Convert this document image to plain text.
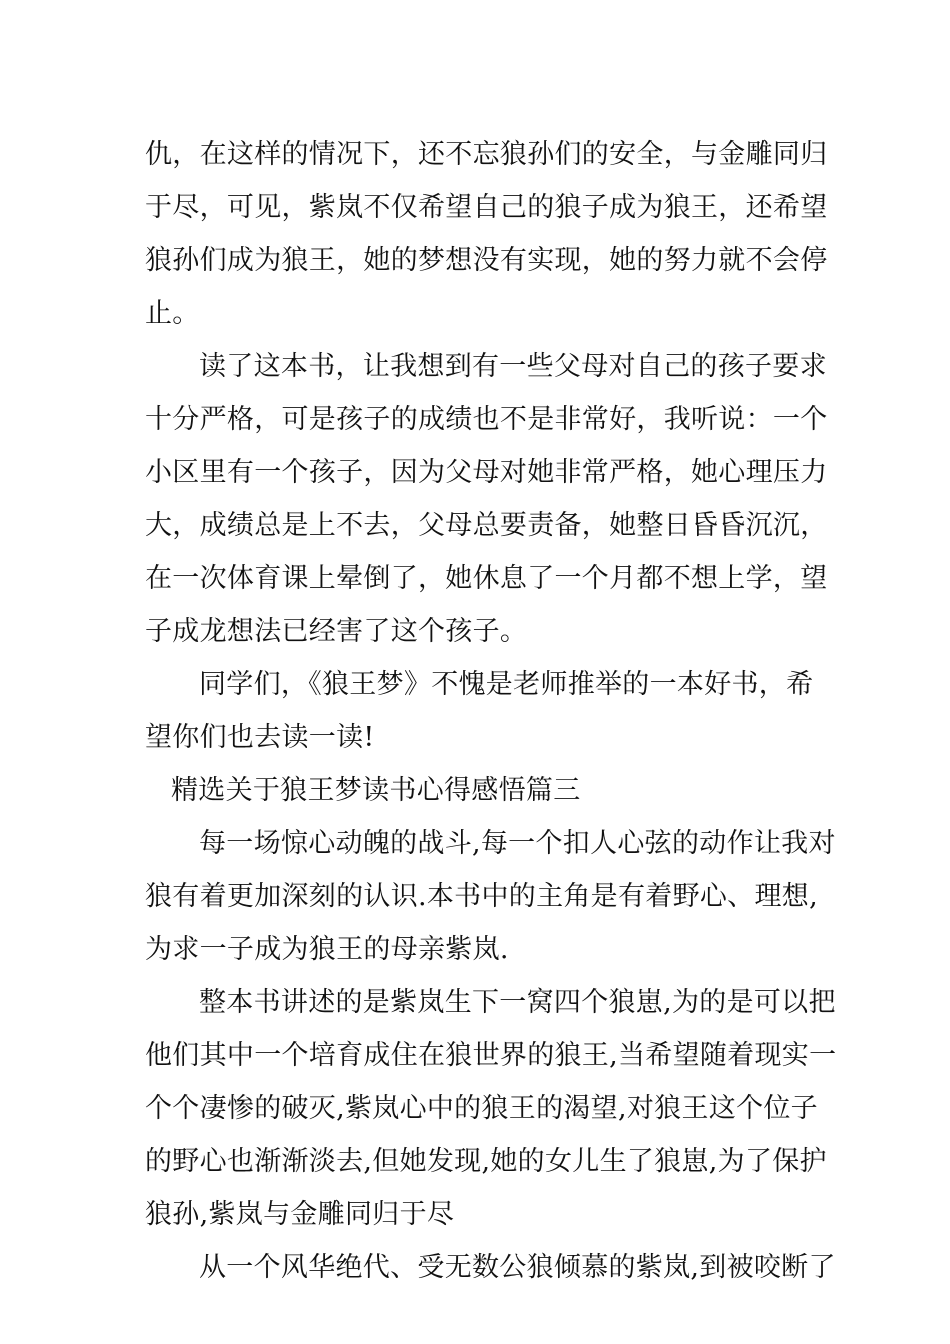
仇，在这样的情况下，还不忘狼孙们的安全，与金雕同归
于尽，可见，紫岚不仅希望自己的狼子成为狼王，还希望
狼孙们成为狼王，她的梦想没有实现，她的努力就不会停
止。

读了这本书，让我想到有一些父母对自己的孩子要求
十分严格，可是孩子的成绩也不是非常好，我听说：一个
小区里有一个孩子，因为父母对她非常严格，她心理压力
大，成绩总是上不去，父母总要责备，她整日昏昏沉沉，
在一次体育课上晕倒了，她休息了一个月都不想上学，望
子成龙想法已经害了这个孩子。

同学们，《狼王梦》不愧是老师推举的一本好书，希
望你们也去读一读!

精选关于狼王梦读书心得感悟篇三

每一场惊心动魄的战斗,每一个扣人心弦的动作让我对
狼有着更加深刻的认识.本书中的主角是有着野心、理想,
为求一子成为狼王的母亲紫岚.

整本书讲述的是紫岚生下一窝四个狼崽,为的是可以把
他们其中一个培育成住在狼世界的狼王,当希望随着现实一
个个凄惨的破灭,紫岚心中的狼王的渴望,对狼王这个位子
的野心也渐渐淡去,但她发现,她的女儿生了狼崽,为了保护
狼孙,紫岚与金雕同归于尽

从一个风华绝代、受无数公狼倾慕的紫岚,到被咬断了
